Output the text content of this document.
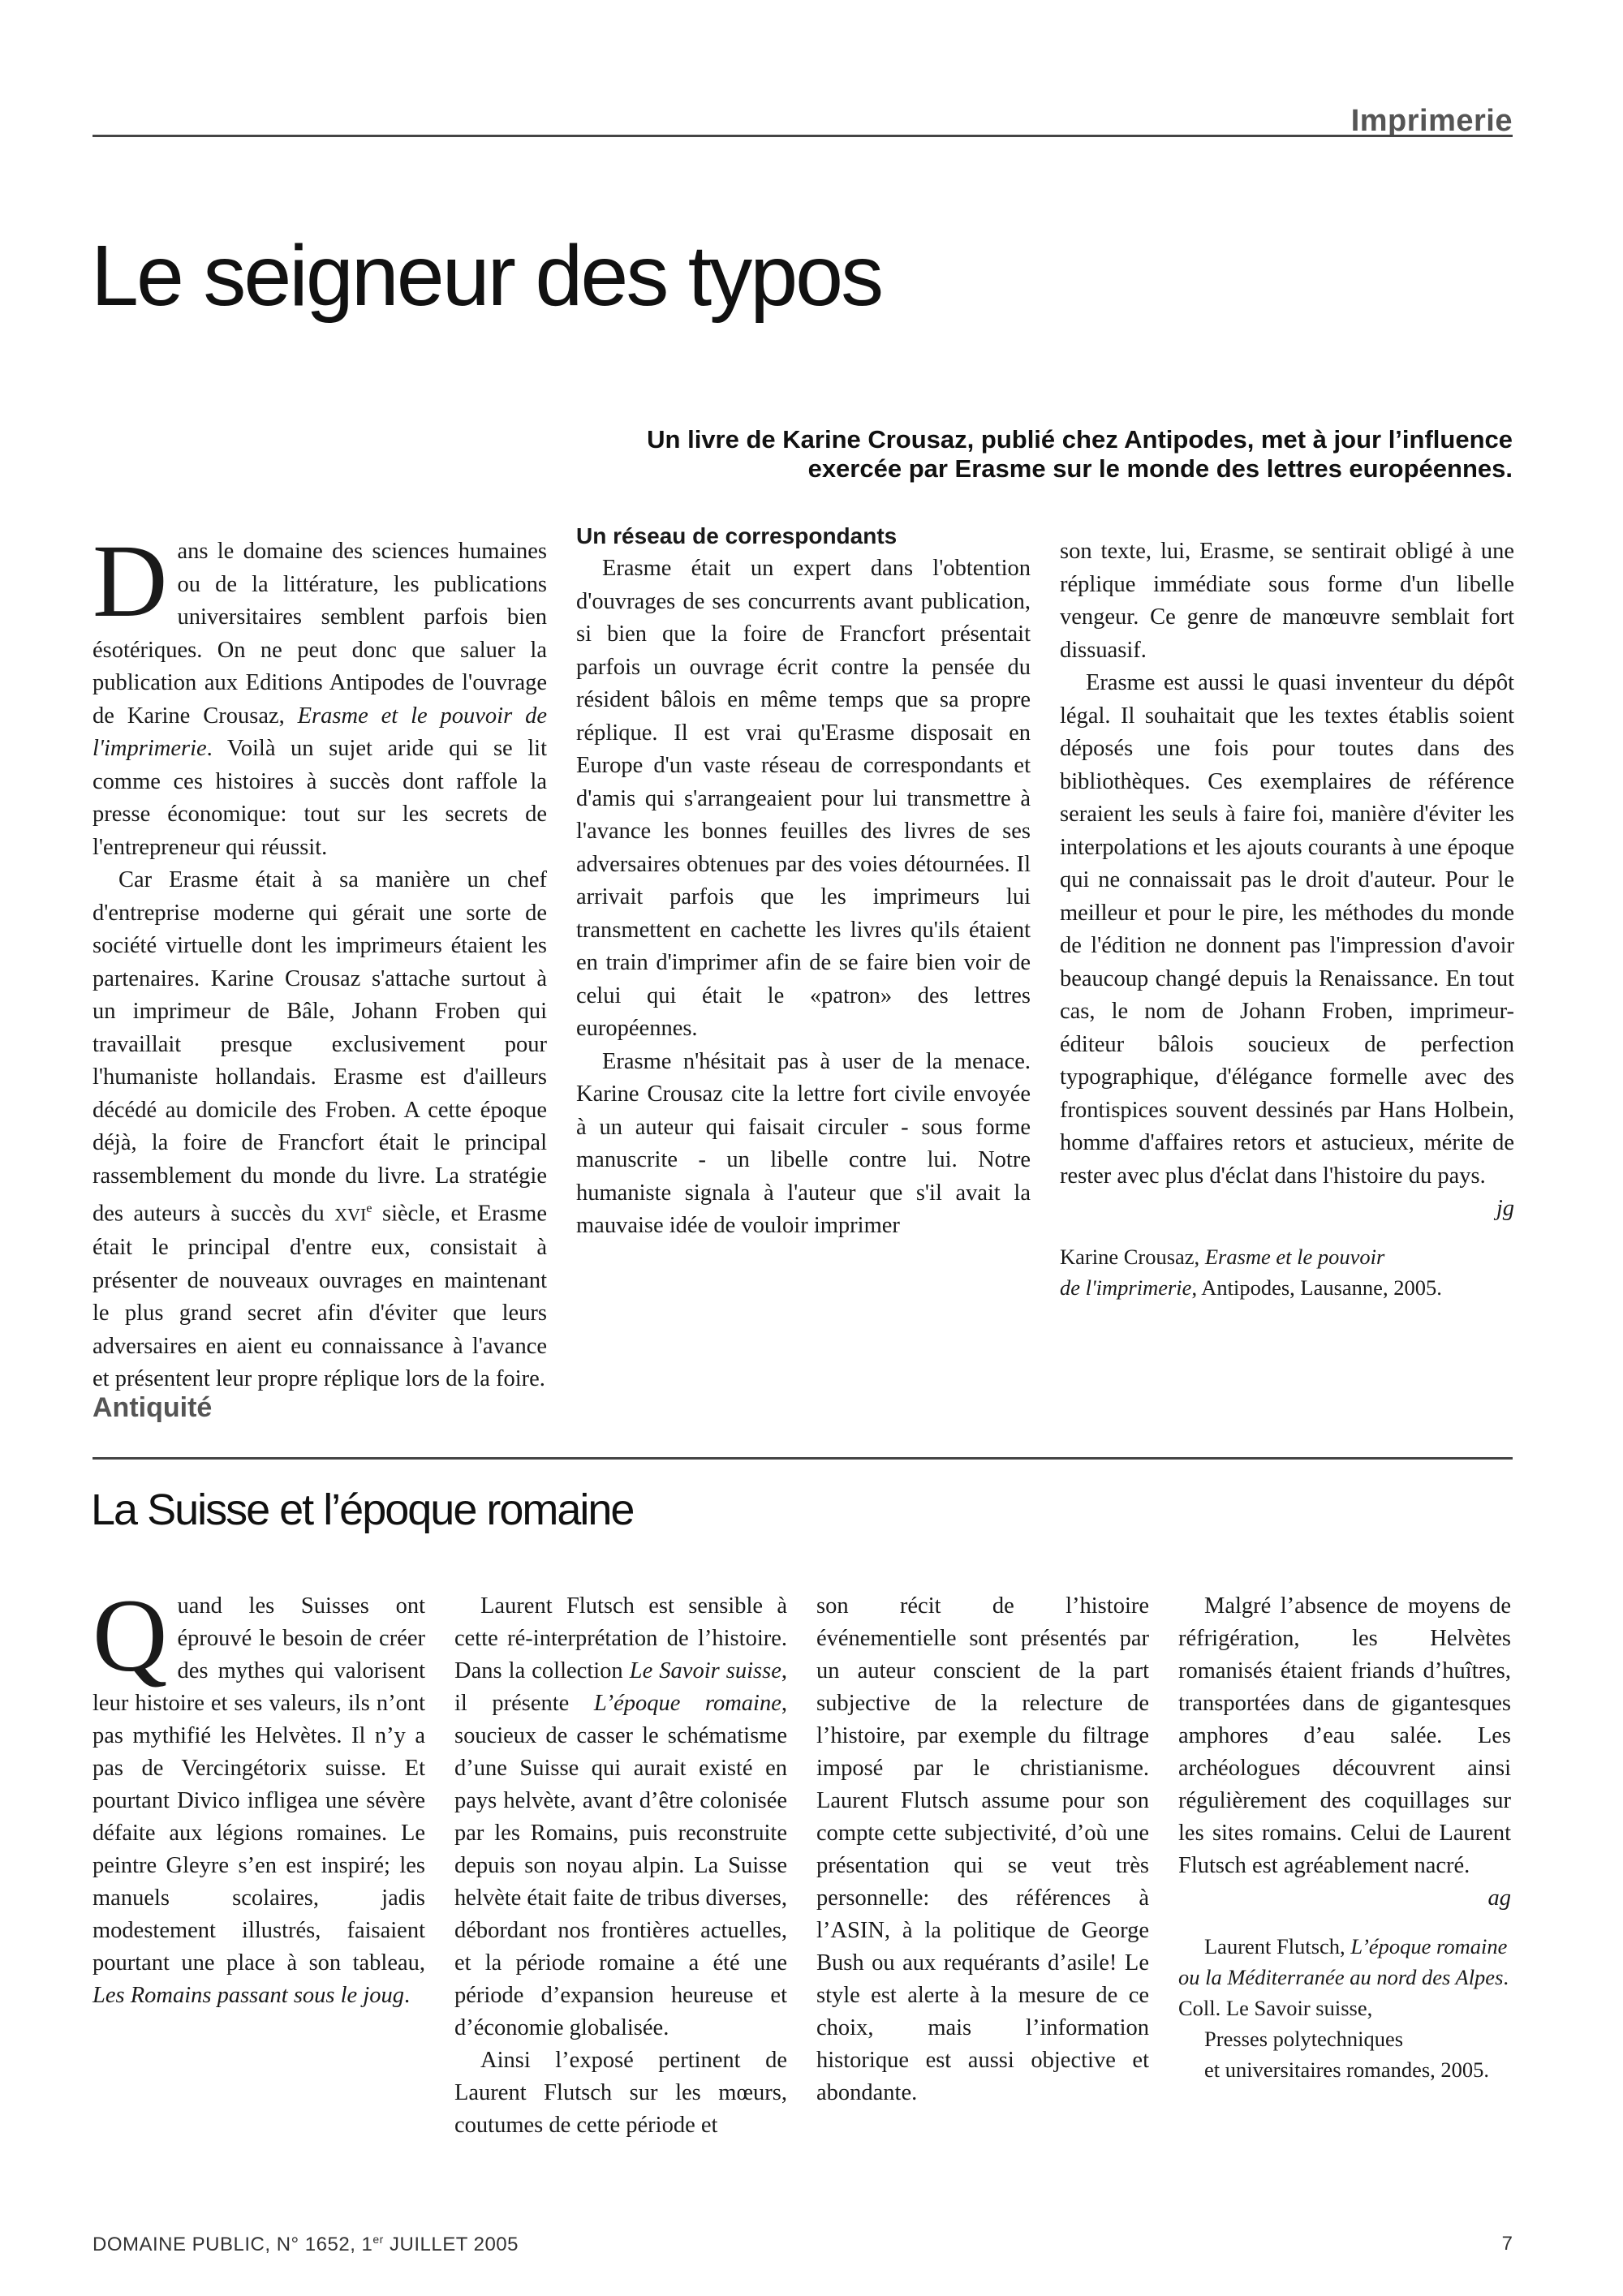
Imprimerie
Le seigneur des typos
Un livre de Karine Crousaz, publié chez Antipodes, met à jour l’influence
exercée par Erasme sur le monde des lettres européennes.

Dans le domaine des sciences humaines ou de la littérature, les publications universitaires semblent parfois bien ésotériques. On ne peut donc que saluer la publication aux Editions Antipodes de l'ouvrage de Karine Crousaz, Erasme et le pouvoir de l'imprimerie. Voilà un sujet aride qui se lit comme ces histoires à succès dont raffole la presse économique: tout sur les secrets de l'entrepreneur qui réussit.

Car Erasme était à sa manière un chef d'entreprise moderne qui gérait une sorte de société virtuelle dont les imprimeurs étaient les partenaires. Karine Crousaz s'attache surtout à un imprimeur de Bâle, Johann Froben qui travaillait presque exclusivement pour l'humaniste hollandais. Erasme est d'ailleurs décédé au domicile des Froben. A cette époque déjà, la foire de Francfort était le principal rassemblement du monde du livre. La stratégie des auteurs à succès du XVIe siècle, et Erasme était le principal d'entre eux, consistait à présenter de nouveaux ouvrages en maintenant le plus grand secret afin d'éviter que leurs adversaires en aient eu connaissance à l'avance et présentent leur propre réplique lors de la foire.

Un réseau de correspondants

Erasme était un expert dans l'obtention d'ouvrages de ses concurrents avant publication, si bien que la foire de Francfort présentait parfois un ouvrage écrit contre la pensée du résident bâlois en même temps que sa propre réplique. Il est vrai qu'Erasme disposait en Europe d'un vaste réseau de correspondants et d'amis qui s'arrangeaient pour lui transmettre à l'avance les bonnes feuilles des livres de ses adversaires obtenues par des voies détournées. Il arrivait parfois que les imprimeurs lui transmettent en cachette les livres qu'ils étaient en train d'imprimer afin de se faire bien voir de celui qui était le «patron» des lettres européennes.

Erasme n'hésitait pas à user de la menace. Karine Crousaz cite la lettre fort civile envoyée à un auteur qui faisait circuler - sous forme manuscrite - un libelle contre lui. Notre humaniste signala à l'auteur que s'il avait la mauvaise idée de vouloir imprimer

son texte, lui, Erasme, se sentirait obligé à une réplique immédiate sous forme d'un libelle vengeur. Ce genre de manœuvre semblait fort dissuasif.

Erasme est aussi le quasi inventeur du dépôt légal. Il souhaitait que les textes établis soient déposés une fois pour toutes dans des bibliothèques. Ces exemplaires de référence seraient les seuls à faire foi, manière d'éviter les interpolations et les ajouts courants à une époque qui ne connaissait pas le droit d'auteur. Pour le meilleur et pour le pire, les méthodes du monde de l'édition ne donnent pas l'impression d'avoir beaucoup changé depuis la Renaissance. En tout cas, le nom de Johann Froben, imprimeur-éditeur bâlois soucieux de perfection typographique, d'élégance formelle avec des frontispices souvent dessinés par Hans Holbein, homme d'affaires retors et astucieux, mérite de rester avec plus d'éclat dans l'histoire du pays.
jg

Karine Crousaz, Erasme et le pouvoir

de l'imprimerie, Antipodes, Lausanne, 2005.

Antiquité
La Suisse et l’époque romaine

Quand les Suisses ont éprouvé le besoin de créer des mythes qui valorisent leur histoire et ses valeurs, ils n’ont pas mythifié les Helvètes. Il n’y a pas de Vercingétorix suisse. Et pourtant Divico infligea une sévère défaite aux légions romaines. Le peintre Gleyre s’en est inspiré; les manuels scolaires, jadis modestement illustrés, faisaient pourtant une place à son tableau, Les Romains passant sous le joug.

Laurent Flutsch est sensible à cette ré-interprétation de l’histoire. Dans la collection Le Savoir suisse, il présente L’époque romaine, soucieux de casser le schématisme d’une Suisse qui aurait existé en pays helvète, avant d’être colonisée par les Romains, puis reconstruite depuis son noyau alpin. La Suisse helvète était faite de tribus diverses, débordant nos frontières actuelles, et la période romaine a été une période d’expansion heureuse et d’économie globalisée.

Ainsi l’exposé pertinent de Laurent Flutsch sur les mœurs, coutumes de cette période et

son récit de l’histoire événementielle sont présentés par un auteur conscient de la part subjective de la relecture de l’histoire, par exemple du filtrage imposé par le christianisme. Laurent Flutsch assume pour son compte cette subjectivité, d’où une présentation qui se veut très personnelle: des références à l’ASIN, à la politique de George Bush ou aux requérants d’asile! Le style est alerte à la mesure de ce choix, mais l’information historique est aussi objective et abondante.

Malgré l’absence de moyens de réfrigération, les Helvètes romanisés étaient friands d’huîtres, transportées dans de gigantesques amphores d’eau salée. Les archéologues découvrent ainsi régulièrement des coquillages sur les sites romains. Celui de Laurent Flutsch est agréablement nacré.
ag

Laurent Flutsch, L’époque romaine ou la Méditerranée au nord des Alpes. Coll. Le Savoir suisse,

Presses polytechniques

et universitaires romandes, 2005.

DOMAINE PUBLIC, N° 1652, 1er JUILLET 2005	7
